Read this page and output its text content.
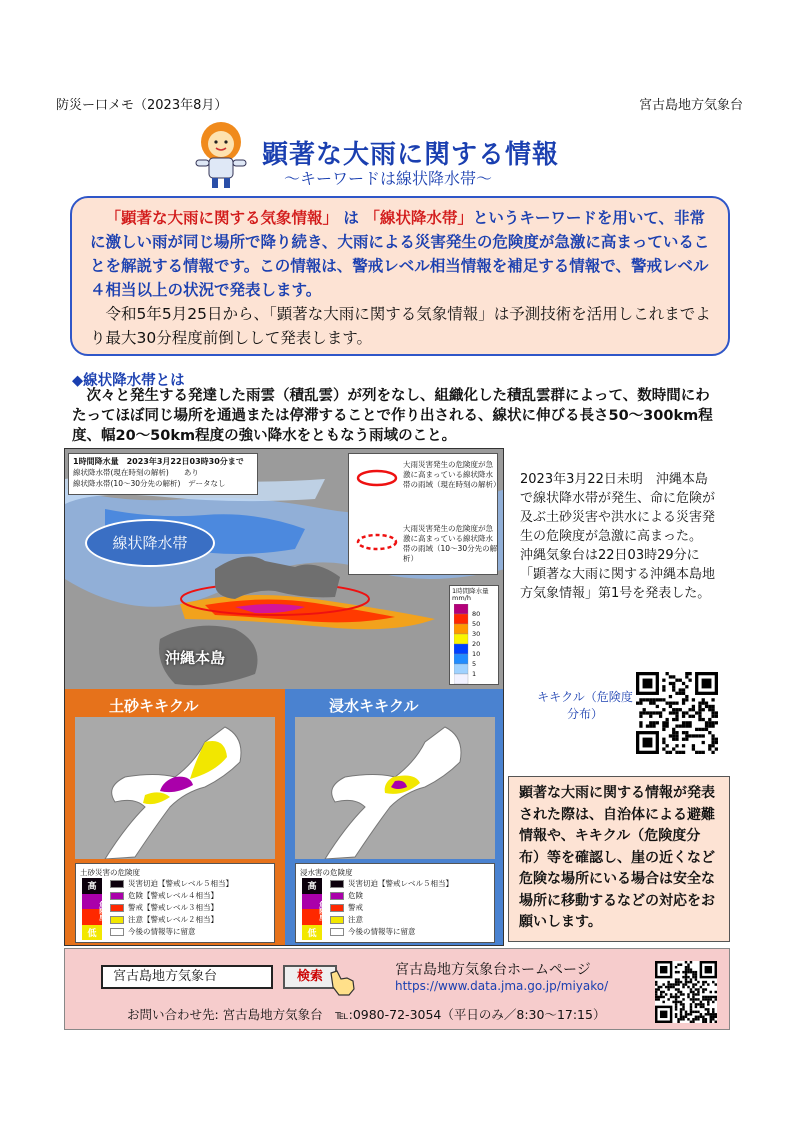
防災ー口メモ（2023年8月）	宮古島地方気象台
顕著な大雨に関する情報
～キーワードは線状降水帯～

「顕著な大雨に関する気象情報」 は 「線状降水帯」というキーワードを用いて、非常に激しい雨が同じ場所で降り続き、大雨による災害発生の危険度が急激に高まっていることを解説する情報です。この情報は、警戒レベル相当情報を補足する情報で、警戒レベル４相当以上の状況で発表します。

令和5年5月25日から、「顕著な大雨に関する気象情報」は予測技術を活用しこれまでより最大30分程度前倒しして発表します。

◆線状降水帯とは
次々と発生する発達した雨雲（積乱雲）が列をなし、組織化した積乱雲群によって、数時間にわたってほぼ同じ場所を通過または停滞することで作り出される、線状に伸びる長さ50～300km程度、幅20～50km程度の強い降水をともなう雨域のこと。
1時間降水量　2023年3月22日03時30分まで
線状降水帯(現在時刻の解析)　　あり
線状降水帯(10～30分先の解析)　データなし
大雨災害発生の危険度が急激に高まっている線状降水帯の雨域（現在時刻の解析）
大雨災害発生の危険度が急激に高まっている線状降水帯の雨域（10～30分先の解析）
1時間降水量 mm/h
80
50
30
20
10
5
1
線状降水帯
沖縄本島
土砂キキクル
土砂災害の危険度
高
危険度
低
災害切迫【警戒レベル５相当】
危険【警戒レベル４相当】
警戒【警戒レベル３相当】
注意【警戒レベル２相当】
今後の情報等に留意
浸水キキクル
浸水害の危険度
高
危険度
低
災害切迫【警戒レベル５相当】
危険
警戒
注意
今後の情報等に留意

2023年3月22日未明　沖縄本島で線状降水帯が発生、命に危険が及ぶ土砂災害や洪水による災害発生の危険度が急激に高まった。

沖縄気象台は22日03時29分に「顕著な大雨に関する沖縄本島地方気象情報」第1号を発表した。

キキクル（危険度分布）
顕著な大雨に関する情報が発表された際は、自治体による避難情報や、キキクル（危険度分布）等を確認し、崖の近くなど危険な場所にいる場合は安全な場所に移動するなどの対応をお願いします。
宮古島地方気象台	検索	宮古島地方気象台ホームページ
https://www.data.jma.go.jp/miyako/
お問い合わせ先: 宮古島地方気象台　℡:0980-72-3054（平日のみ／8:30～17:15）
